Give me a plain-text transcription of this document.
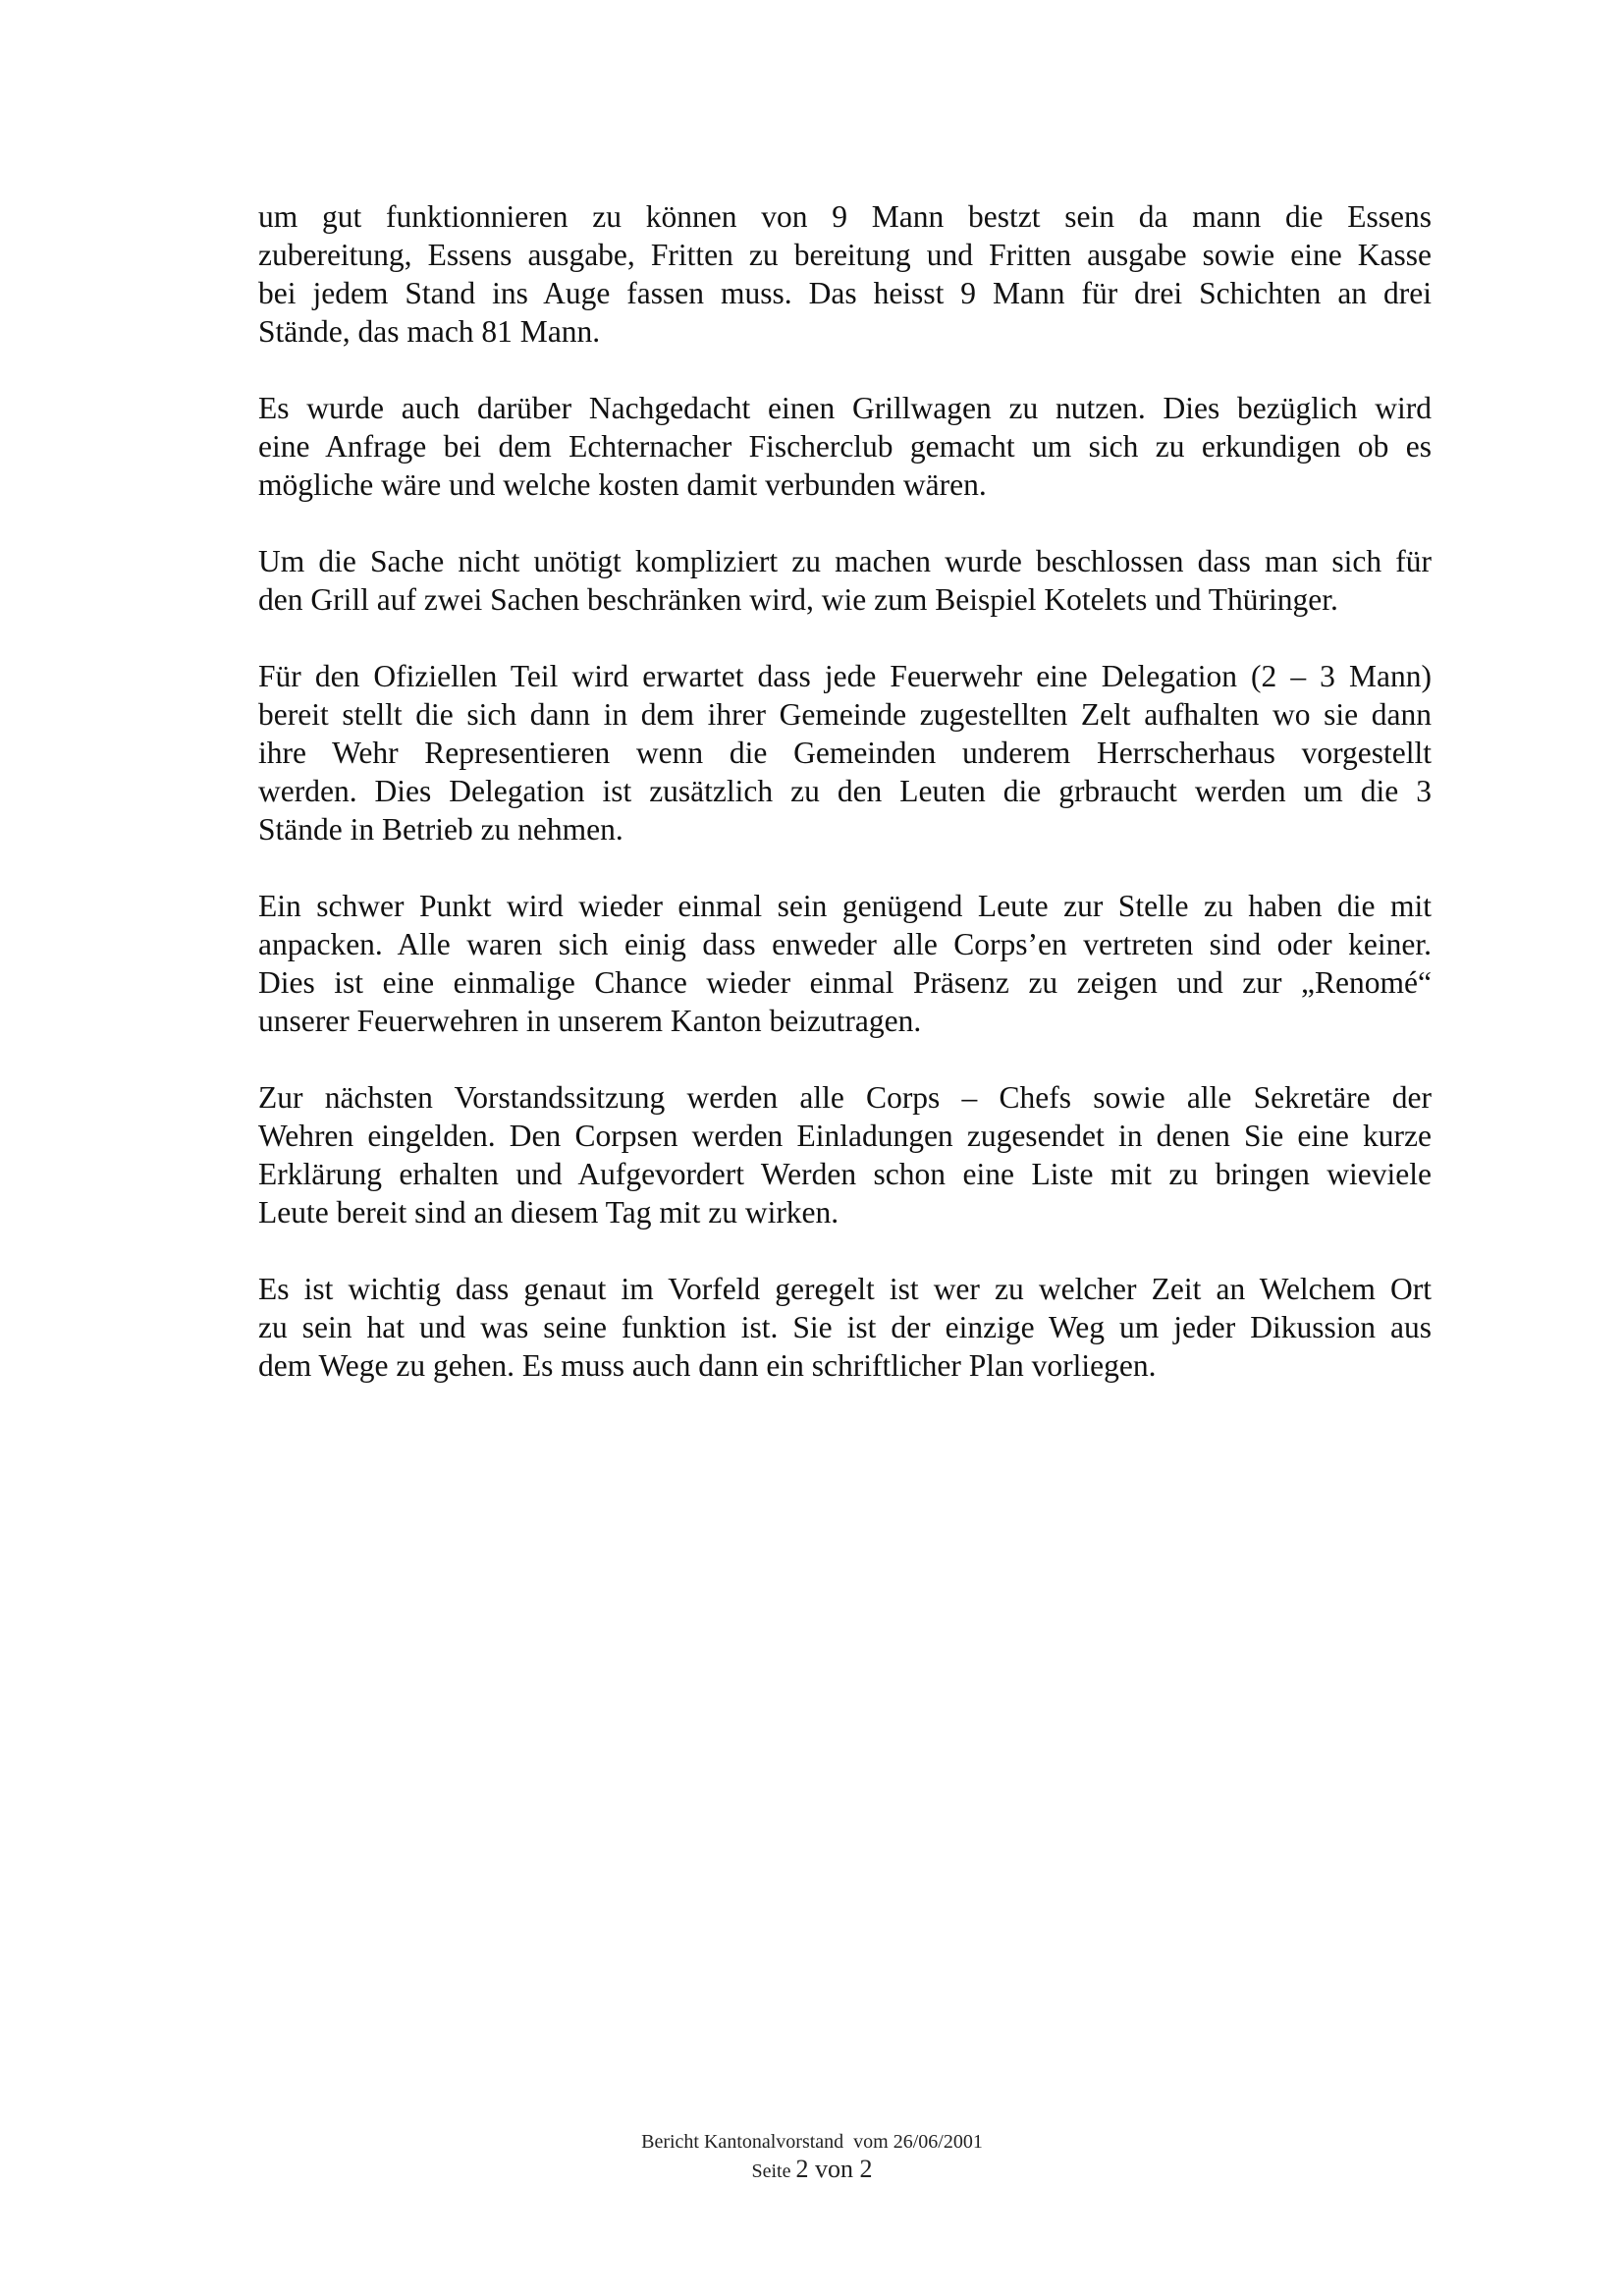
um gut funktionnieren zu können von 9 Mann bestzt sein da mann die Essens
zubereitung, Essens ausgabe, Fritten zu bereitung und Fritten ausgabe sowie eine Kasse
bei jedem Stand ins Auge fassen muss. Das heisst 9 Mann für drei Schichten an drei
Stände, das mach 81 Mann.
Es wurde auch darüber Nachgedacht einen Grillwagen zu nutzen. Dies bezüglich wird
eine Anfrage bei dem Echternacher Fischerclub gemacht um sich zu erkundigen ob es
mögliche wäre und welche kosten damit verbunden wären.
Um die Sache nicht unötigt kompliziert zu machen wurde beschlossen dass man sich für
den Grill auf zwei Sachen beschränken wird, wie zum Beispiel Kotelets und Thüringer.
Für den Ofiziellen Teil wird erwartet dass jede Feuerwehr eine Delegation (2 – 3 Mann)
bereit stellt die sich dann in dem ihrer Gemeinde zugestellten Zelt aufhalten wo sie dann
ihre Wehr Representieren wenn die Gemeinden underem Herrscherhaus vorgestellt
werden. Dies Delegation ist zusätzlich zu den Leuten die grbraucht werden um die 3
Stände in Betrieb zu nehmen.
Ein schwer Punkt wird wieder einmal sein genügend Leute zur Stelle zu haben die mit
anpacken. Alle waren sich einig dass enweder alle Corps’en vertreten sind oder keiner.
Dies ist eine einmalige Chance wieder einmal Präsenz zu zeigen und zur „Renomé“
unserer Feuerwehren in unserem Kanton beizutragen.
Zur nächsten Vorstandssitzung werden alle Corps – Chefs sowie alle Sekretäre der
Wehren eingelden. Den Corpsen werden Einladungen zugesendet in denen Sie eine kurze
Erklärung erhalten und Aufgevordert Werden schon eine Liste mit zu bringen wieviele
Leute bereit sind an diesem Tag mit zu wirken.
Es ist wichtig dass genaut im Vorfeld geregelt ist wer zu welcher Zeit an Welchem Ort
zu sein hat und was seine funktion ist. Sie ist der einzige Weg um jeder Dikussion aus
dem Wege zu gehen. Es muss auch dann ein schriftlicher Plan vorliegen.
Bericht Kantonalvorstand  vom 26/06/2001
Seite 2 von 2
